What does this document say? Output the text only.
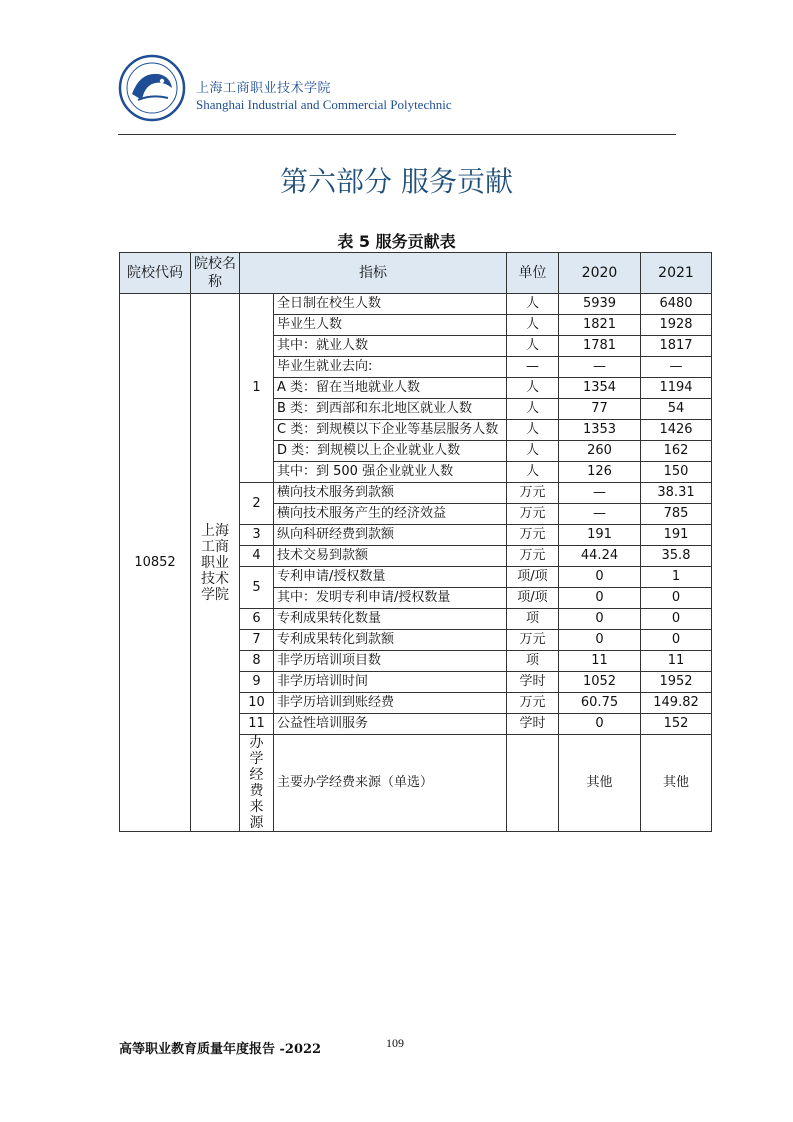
上海工商职业技术学院
Shanghai Industrial and Commercial Polytechnic
第六部分 服务贡献
表 5 服务贡献表
院校代码	院校名称	指标		单位	2020	2021
10852	上海工商职业技术学院	1	全日制在校生人数	人	5939	6480
			毕业生人数	人	1821	1928
			其中：就业人数	人	1781	1817
			毕业生就业去向:	—	—	—
			A 类：留在当地就业人数	人	1354	1194
			B 类：到西部和东北地区就业人数	人	77	54
			C 类：到规模以下企业等基层服务人数	人	1353	1426
			D 类：到规模以上企业就业人数	人	260	162
			其中：到 500 强企业就业人数	人	126	150
		2	横向技术服务到款额	万元	—	38.31
			横向技术服务产生的经济效益	万元	—	785
		3	纵向科研经费到款额	万元	191	191
		4	技术交易到款额	万元	44.24	35.8
		5	专利申请/授权数量	项/项	0	1
			其中：发明专利申请/授权数量	项/项	0	0
		6	专利成果转化数量	项	0	0
		7	专利成果转化到款额	万元	0	0
		8	非学历培训项目数	项	11	11
		9	非学历培训时间	学时	1052	1952
		10	非学历培训到账经费	万元	60.75	149.82
		11	公益性培训服务	学时	0	152
		办学经费来源	主要办学经费来源（单选）		其他	其他
高等职业教育质量年度报告 -2022	109
